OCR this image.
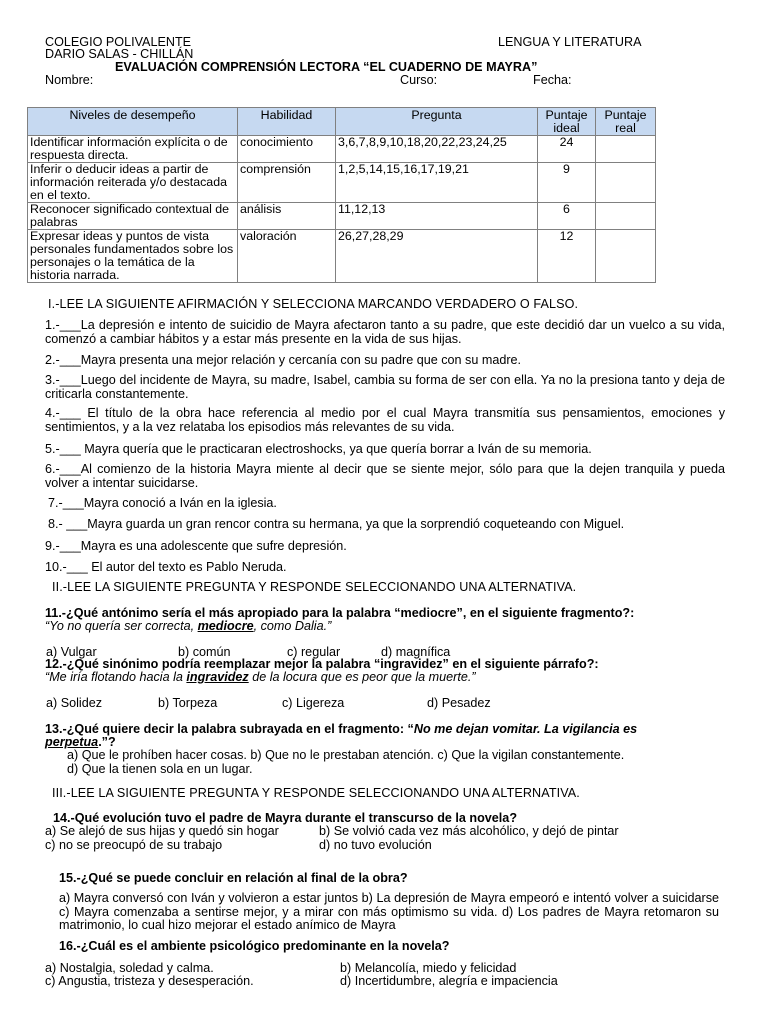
COLEGIO POLIVALENTE
DARIO SALAS - CHILLÁN
LENGUA Y LITERATURA
EVALUACIÓN COMPRENSIÓN LECTORA “EL CUADERNO DE MAYRA”
Nombre:	Curso:	Fecha:
Niveles de desempeño	Habilidad	Pregunta	Puntaje ideal	Puntaje real
Identificar información explícita o de respuesta directa.	conocimiento	3,6,7,8,9,10,18,20,22,23,24,25	24	
Inferir o deducir ideas a partir de información reiterada y/o destacada en el texto.	comprensión	1,2,5,14,15,16,17,19,21	9	
Reconocer significado contextual de palabras	análisis	11,12,13	6	
Expresar ideas y puntos de vista personales fundamentados sobre los personajes o la temática de la historia narrada.	valoración	26,27,28,29	12	
I.-LEE LA SIGUIENTE AFIRMACIÓN Y SELECCIONA MARCANDO VERDADERO O FALSO.
1.-___La depresión e intento de suicidio de Mayra afectaron tanto a su padre, que este decidió dar un vuelco a su vida, comenzó a cambiar hábitos y a estar más presente en la vida de sus hijas.
2.-___Mayra presenta una mejor relación y cercanía con su padre que con su madre.
3.-___Luego del incidente de Mayra, su madre, Isabel, cambia su forma de ser con ella. Ya no la presiona tanto y deja de criticarla constantemente.
4.-___ El título de la obra hace referencia al medio por el cual Mayra transmitía sus pensamientos, emociones y sentimientos, y a la vez relataba los episodios más relevantes de su vida.
5.-___ Mayra quería que le practicaran electroshocks, ya que quería borrar a Iván de su memoria.
6.-___Al comienzo de la historia Mayra miente al decir que se siente mejor, sólo para que la dejen tranquila y pueda volver a intentar suicidarse.
7.-___Mayra conoció a Iván en la iglesia.
8.- ___Mayra guarda un gran rencor contra su hermana, ya que la sorprendió coqueteando con Miguel.
9.-___Mayra es una adolescente que sufre depresión.
10.-___ El autor del texto es Pablo Neruda.
II.-LEE LA SIGUIENTE PREGUNTA Y RESPONDE SELECCIONANDO UNA ALTERNATIVA.
11.-¿Qué antónimo sería el más apropiado para la palabra “mediocre”, en el siguiente fragmento?:
“Yo no quería ser correcta, mediocre, como Dalia.”
a) Vulgar	b) común	c) regular	d) magnífica
12.-¿Qué sinónimo podría reemplazar mejor la palabra “ingravidez” en el siguiente párrafo?:
“Me iría flotando hacia la ingravidez de la locura que es peor que la muerte.”
a) Solidez	b) Torpeza	c) Ligereza	d) Pesadez
13.-¿Qué quiere decir la palabra subrayada en el fragmento: “No me dejan vomitar. La vigilancia es
perpetua.”?
a) Que le prohíben hacer cosas. b) Que no le prestaban atención. c) Que la vigilan constantemente.
d) Que la tienen sola en un lugar.
III.-LEE LA SIGUIENTE PREGUNTA Y RESPONDE SELECCIONANDO UNA ALTERNATIVA.
14.-Qué evolución tuvo el padre de Mayra durante el transcurso de la novela?
a) Se alejó de sus hijas y quedó sin hogar	b) Se volvió cada vez más alcohólico, y dejó de pintar
c) no se preocupó de su trabajo	d) no tuvo evolución
15.-¿Qué se puede concluir en relación al final de la obra?
a) Mayra conversó con Iván y volvieron a estar juntos b) La depresión de Mayra empeoró e intentó volver a suicidarse c) Mayra comenzaba a sentirse mejor, y a mirar con más optimismo su vida. d) Los padres de Mayra retomaron su matrimonio, lo cual hizo mejorar el estado anímico de Mayra
16.-¿Cuál es el ambiente psicológico predominante en la novela?
a) Nostalgia, soledad y calma.	b) Melancolía, miedo y felicidad
c) Angustia, tristeza y desesperación.	d) Incertidumbre, alegría e impaciencia
